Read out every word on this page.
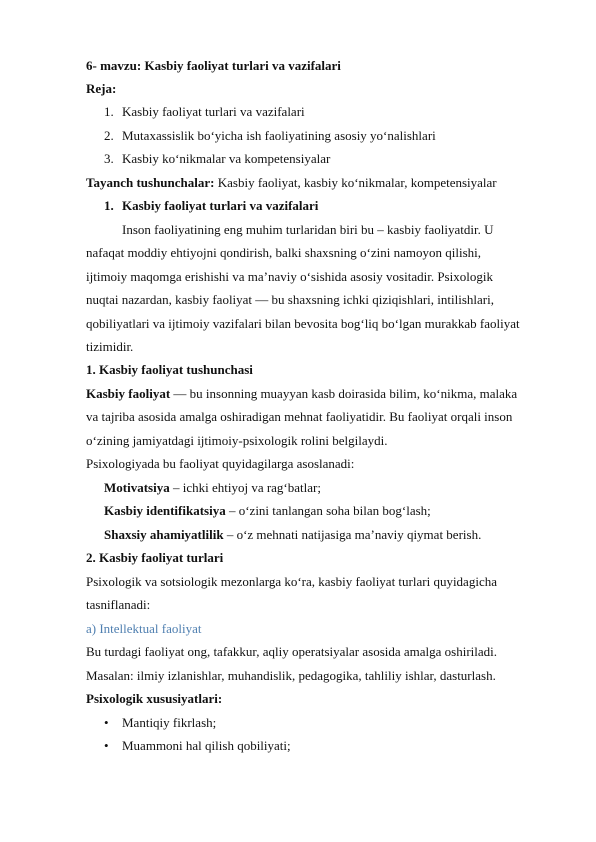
6- mavzu: Kasbiy faoliyat turlari va vazifalari
Reja:
1. Kasbiy faoliyat turlari va vazifalari
2. Mutaxassislik bo‘yicha ish faoliyatining asosiy yo‘nalishlari
3. Kasbiy ko‘nikmalar va kompetensiyalar
Tayanch tushunchalar: Kasbiy faoliyat, kasbiy ko‘nikmalar, kompetensiyalar
1. Kasbiy faoliyat turlari va vazifalari
Inson faoliyatining eng muhim turlaridan biri bu – kasbiy faoliyatdir. U
nafaqat moddiy ehtiyojni qondirish, balki shaxsning o‘zini namoyon qilishi,
ijtimoiy maqomga erishishi va ma’naviy o‘sishida asosiy vositadir. Psixologik
nuqtai nazardan, kasbiy faoliyat — bu shaxsning ichki qiziqishlari, intilishlari,
qobiliyatlari va ijtimoiy vazifalari bilan bevosita bog‘liq bo‘lgan murakkab faoliyat
tizimidir.
1. Kasbiy faoliyat tushunchasi
Kasbiy faoliyat — bu insonning muayyan kasb doirasida bilim, ko‘nikma, malaka
va tajriba asosida amalga oshiradigan mehnat faoliyatidir. Bu faoliyat orqali inson
o‘zining jamiyatdagi ijtimoiy-psixologik rolini belgilaydi.
Psixologiyada bu faoliyat quyidagilarga asoslanadi:
Motivatsiya – ichki ehtiyoj va rag‘batlar;
Kasbiy identifikatsiya – o‘zini tanlangan soha bilan bog‘lash;
Shaxsiy ahamiyatlilik – o‘z mehnati natijasiga ma’naviy qiymat berish.
2. Kasbiy faoliyat turlari
Psixologik va sotsiologik mezonlarga ko‘ra, kasbiy faoliyat turlari quyidagicha
tasniflanadi:
a) Intellektual faoliyat
Bu turdagi faoliyat ong, tafakkur, aqliy operatsiyalar asosida amalga oshiriladi.
Masalan: ilmiy izlanishlar, muhandislik, pedagogika, tahliliy ishlar, dasturlash.
Psixologik xususiyatlari:
• Mantiqiy fikrlash;
• Muammoni hal qilish qobiliyati;
